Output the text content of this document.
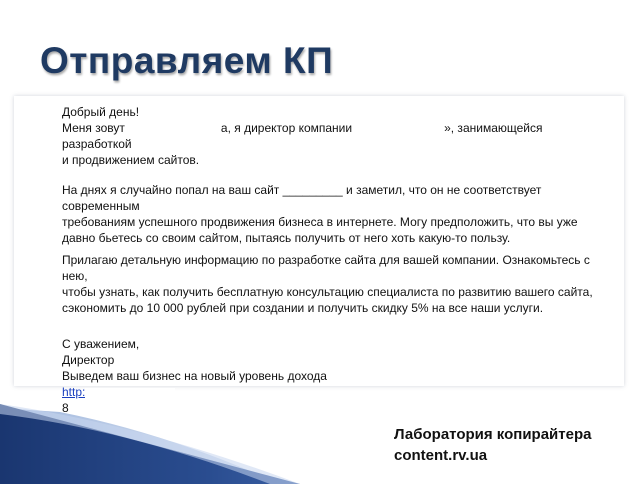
Отправляем КП

Добрый день!

Меня зовут	а, я директор компании	», занимающейся разработкой

и продвижением сайтов.

На днях я случайно попал на ваш сайт _________ и заметил, что он не соответствует современным

требованиям успешного продвижения бизнеса в интернете. Могу предположить, что вы уже

давно бьетесь со своим сайтом, пытаясь получить от него хоть какую-то пользу.

Прилагаю детальную информацию по разработке сайта для вашей компании. Ознакомьтесь с нею,

чтобы узнать, как получить бесплатную консультацию специалиста по развитию вашего сайта,

сэкономить до 10 000 рублей при создании и получить скидку 5% на все наши услуги.

С уважением,

Директор

Выведем ваш бизнес на новый уровень дохода

http:

8

Лаборатория копирайтера
content.rv.ua
